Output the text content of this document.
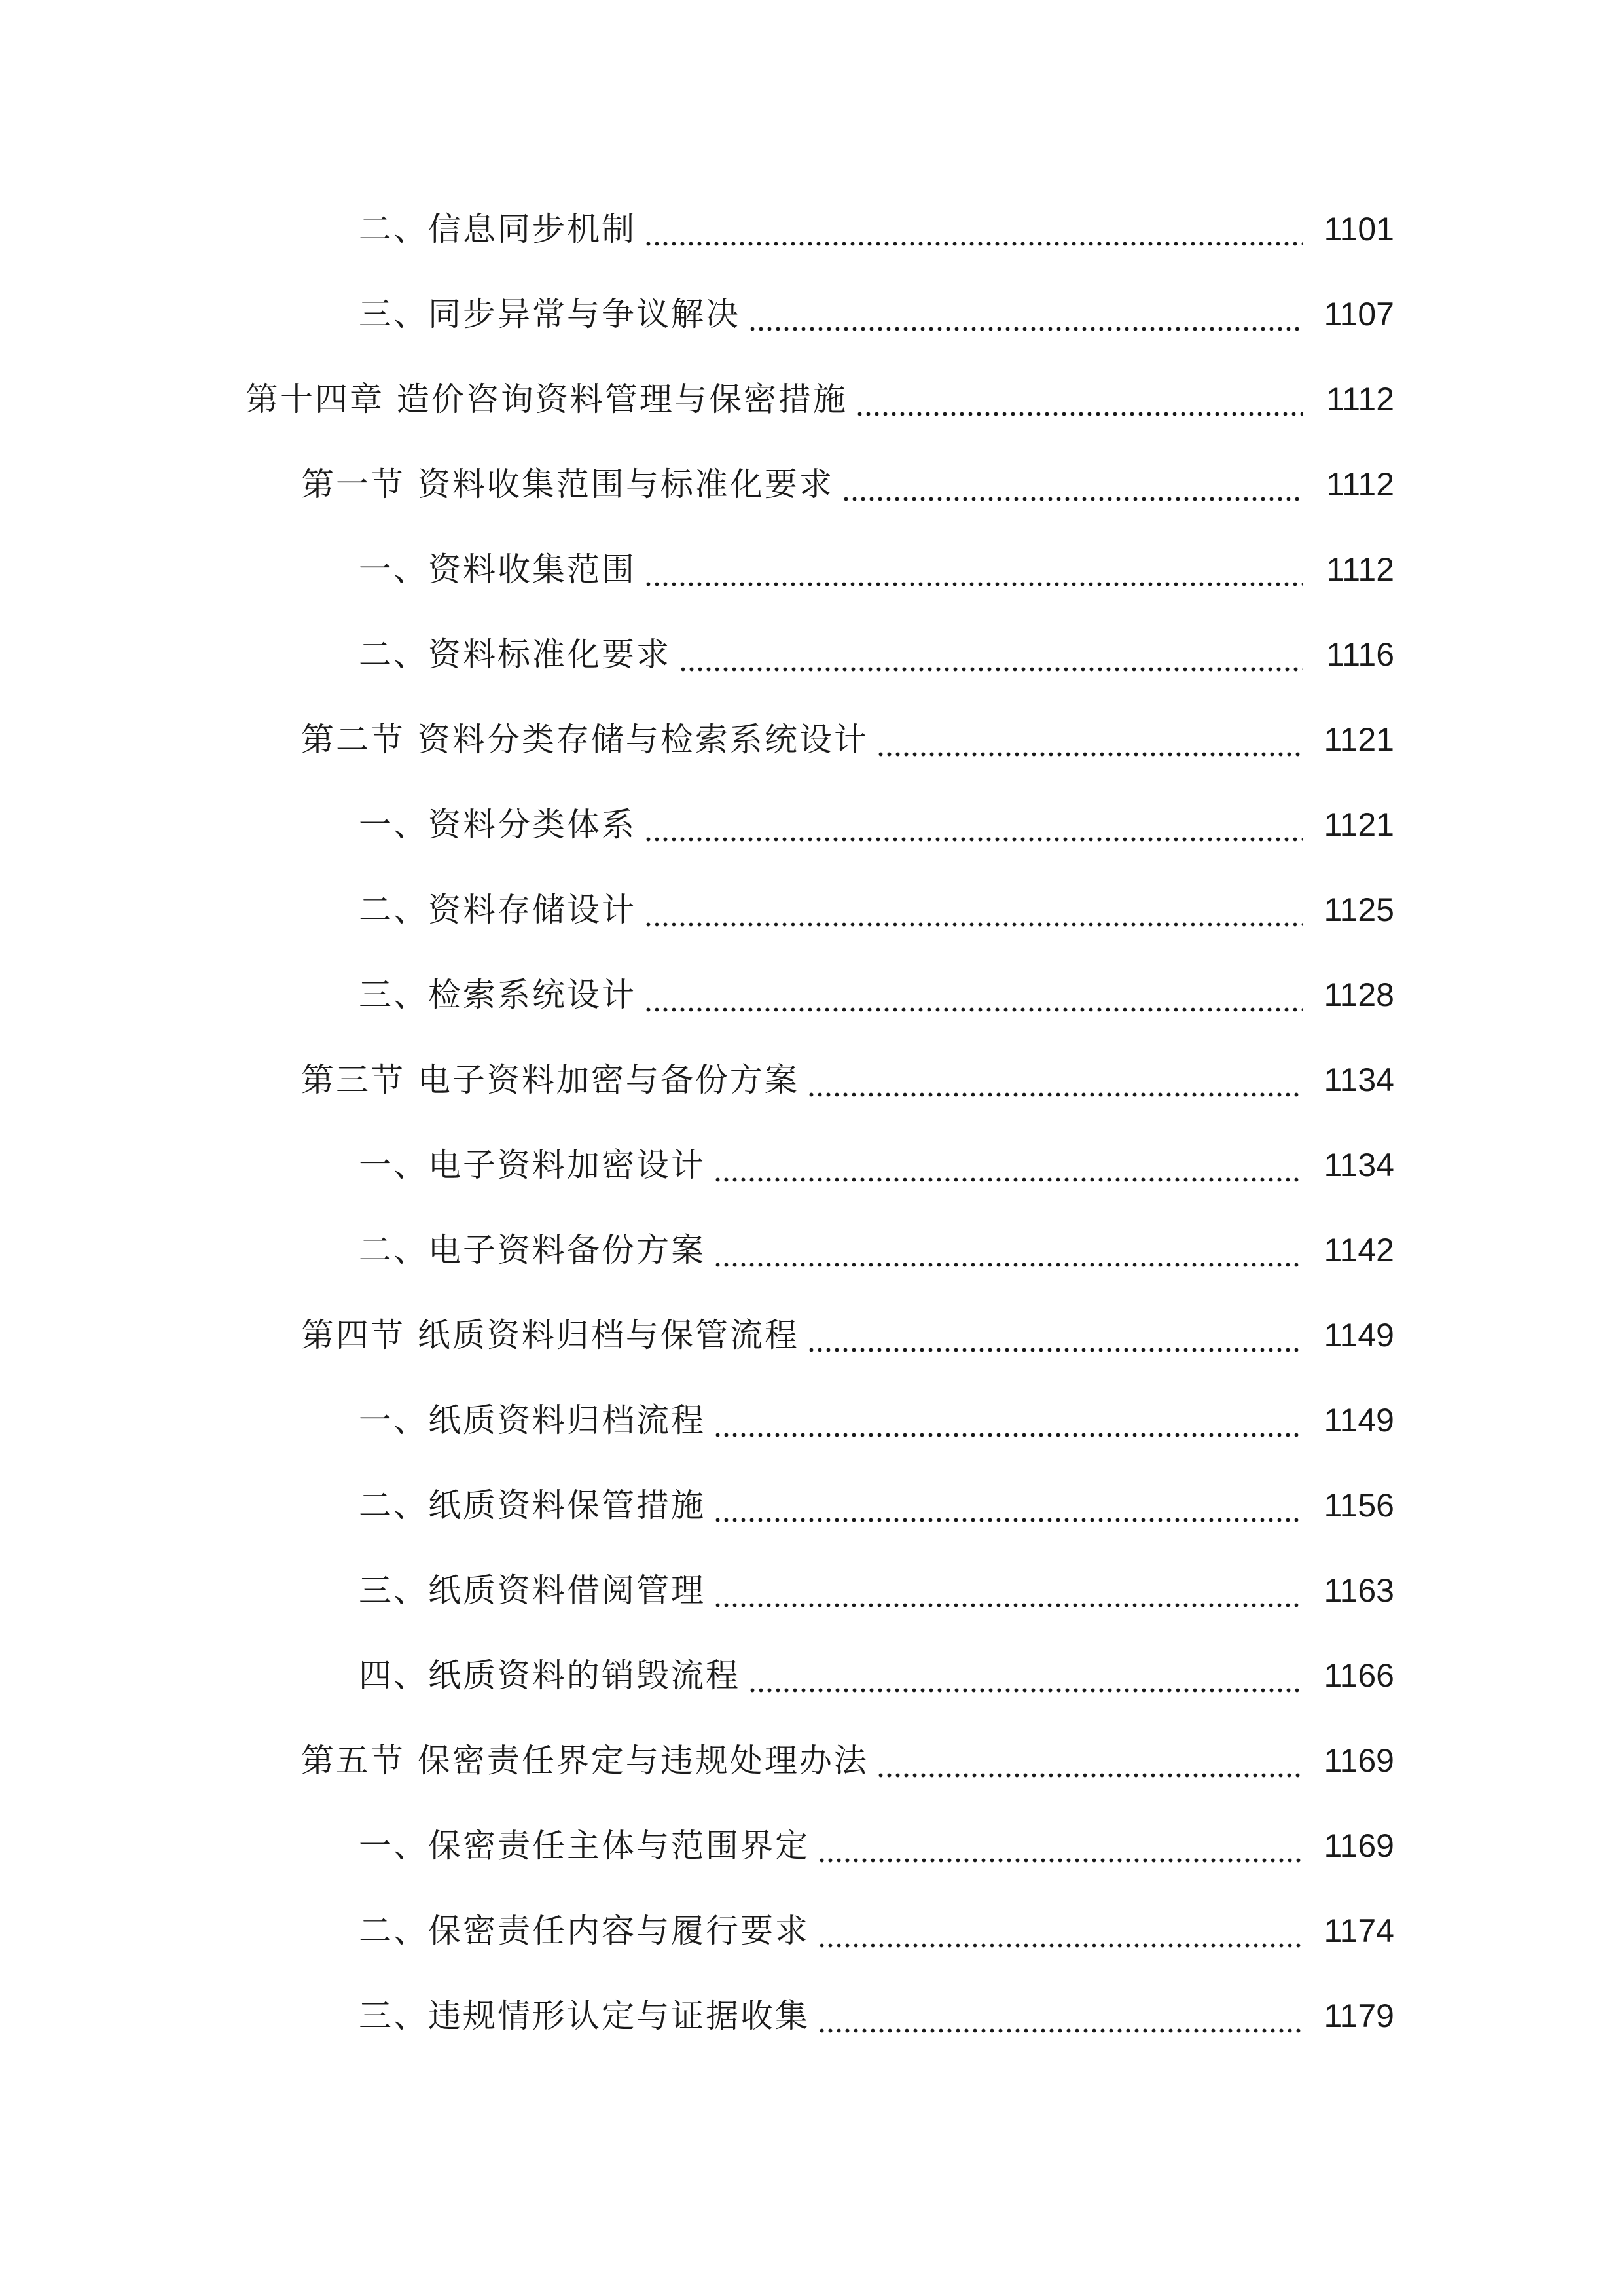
二、信息同步机制	1101
三、同步异常与争议解决	1107
第十四章 造价咨询资料管理与保密措施	1112
第一节 资料收集范围与标准化要求	1112
一、资料收集范围	1112
二、资料标准化要求	1116
第二节 资料分类存储与检索系统设计	1121
一、资料分类体系	1121
二、资料存储设计	1125
三、检索系统设计	1128
第三节 电子资料加密与备份方案	1134
一、电子资料加密设计	1134
二、电子资料备份方案	1142
第四节 纸质资料归档与保管流程	1149
一、纸质资料归档流程	1149
二、纸质资料保管措施	1156
三、纸质资料借阅管理	1163
四、纸质资料的销毁流程	1166
第五节 保密责任界定与违规处理办法	1169
一、保密责任主体与范围界定	1169
二、保密责任内容与履行要求	1174
三、违规情形认定与证据收集	1179
